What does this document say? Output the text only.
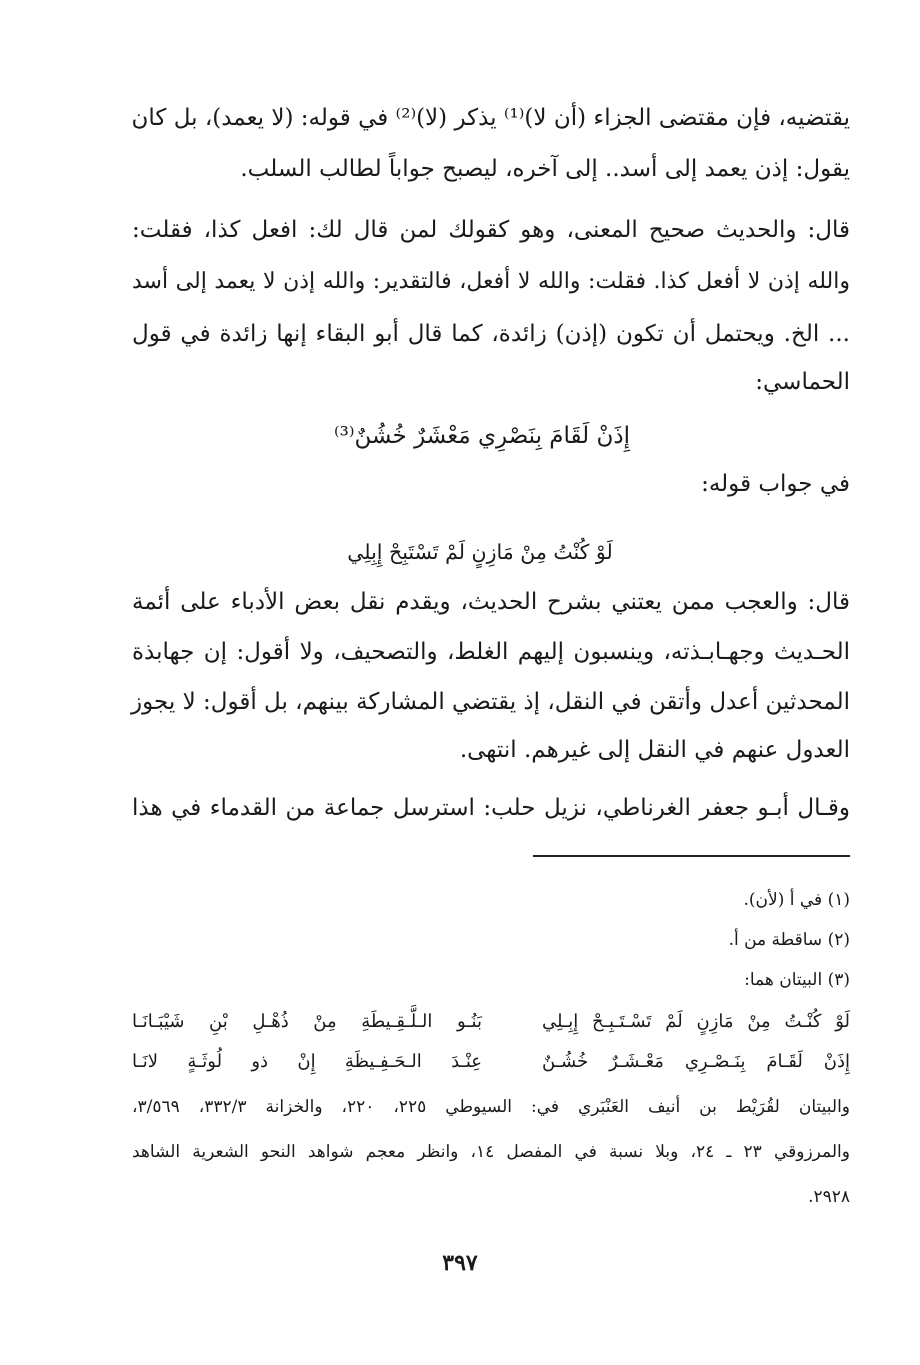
يقتضيه، فإن مقتضى الجزاء (أن لا)⁽¹⁾ يذكر (لا)⁽²⁾ في قوله: (لا يعمد)، بل كان
يقول: إذن يعمد إلى أسد.. إلى آخره، ليصبح جواباً لطالب السلب.
قال: والحديث صحيح المعنى، وهو كقولك لمن قال لك: افعل كذا، فقلت:
والله إذن لا أفعل كذا. فقلت: والله لا أفعل، فالتقدير: والله إذن لا يعمد إلى أسد
... الخ. ويحتمل أن تكون (إذن) زائدة، كما قال أبو البقاء إنها زائدة في قول
الحماسي:
إِذَنْ لَقَامَ بِنَصْرِي مَعْشَرٌ خُشُنٌ⁽³⁾
في جواب قوله:
لَوْ كُنْتُ مِنْ مَازِنٍ لَمْ تَسْتَبِحْ إِبِلِي
قال: والعجب ممن يعتني بشرح الحديث، ويقدم نقل بعض الأدباء على أئمة
الحـديث وجهـابـذته، وينسبون إليهم الغلط، والتصحيف، ولا أقول: إن جهابذة
المحدثين أعدل وأتقن في النقل، إذ يقتضي المشاركة بينهم، بل أقول: لا يجوز
العدول عنهم في النقل إلى غيرهم. انتهى.
وقـال أبـو جعفر الغرناطي، نزيل حلب: استرسل جماعة من القدماء في هذا
(١) في أ (لأن).
(٢) ساقطة من أ.
(٣) البيتان هما:
لَوْ كُنْـتُ مِنْ مَازِنٍ لَمْ تَسْـتَـبِـحْ إِبِـلِي
بَنُـو الـلَّـقِـيطَةِ مِنْ ذُهْـلِ بْنِ شَيْبَـانَـا
إِذَنْ لَقَـامَ بِنَـصْـرِي مَعْـشَـرٌ خُشُـنٌ
عِنْـدَ الـحَـفِـيظَةِ إِنْ ذو لُوثَـةٍ لانَـا
والبيتان لقُرَيْط بن أنيف العَنْبَري في: السيوطي ٢٢٥، ٢٢٠، والخزانة ٣٣٢/٣، ٣/٥٦٩،
والمرزوقي ٢٣ ـ ٢٤، وبلا نسبة في المفصل ١٤، وانظر معجم شواهد النحو الشعرية الشاهد
٢٩٢٨.
٣٩٧
